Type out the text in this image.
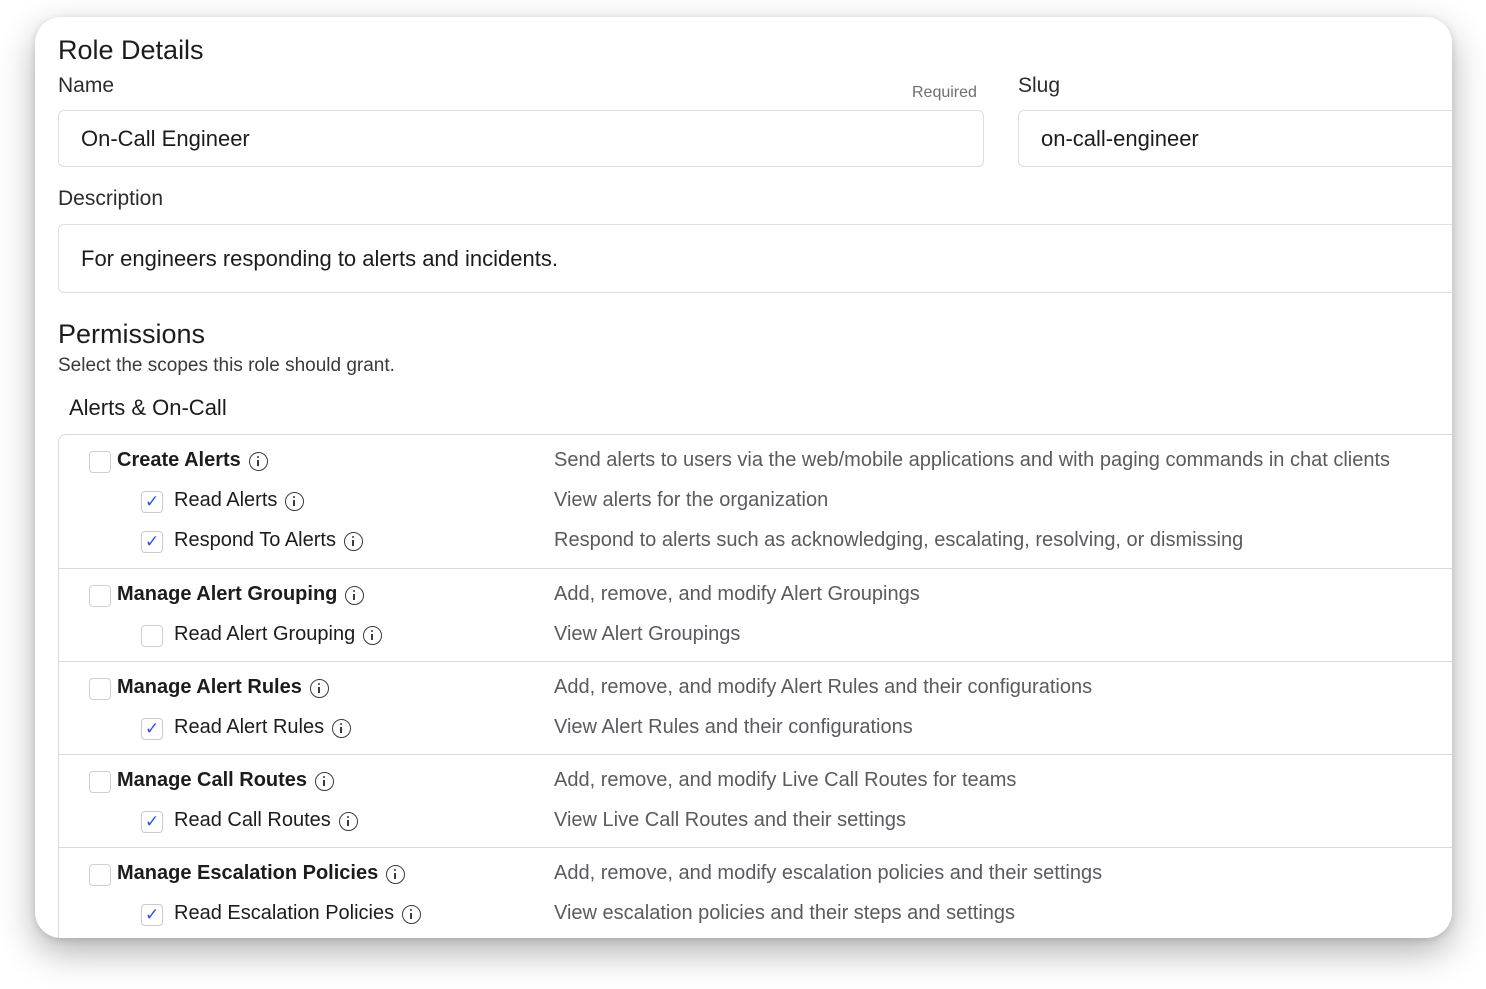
Role Details
Name	Required
On-Call Engineer
Slug
on-call-engineer
Description
For engineers responding to alerts and incidents.
Permissions
Select the scopes this role should grant.
Alerts & On-Call
Create Alerts	Send alerts to users via the web/mobile applications and with paging commands in chat clients
✓ Read Alerts	View alerts for the organization
✓ Respond To Alerts	Respond to alerts such as acknowledging, escalating, resolving, or dismissing
Manage Alert Grouping	Add, remove, and modify Alert Groupings
Read Alert Grouping	View Alert Groupings
Manage Alert Rules	Add, remove, and modify Alert Rules and their configurations
✓ Read Alert Rules	View Alert Rules and their configurations
Manage Call Routes	Add, remove, and modify Live Call Routes for teams
✓ Read Call Routes	View Live Call Routes and their settings
Manage Escalation Policies	Add, remove, and modify escalation policies and their settings
✓ Read Escalation Policies	View escalation policies and their steps and settings
